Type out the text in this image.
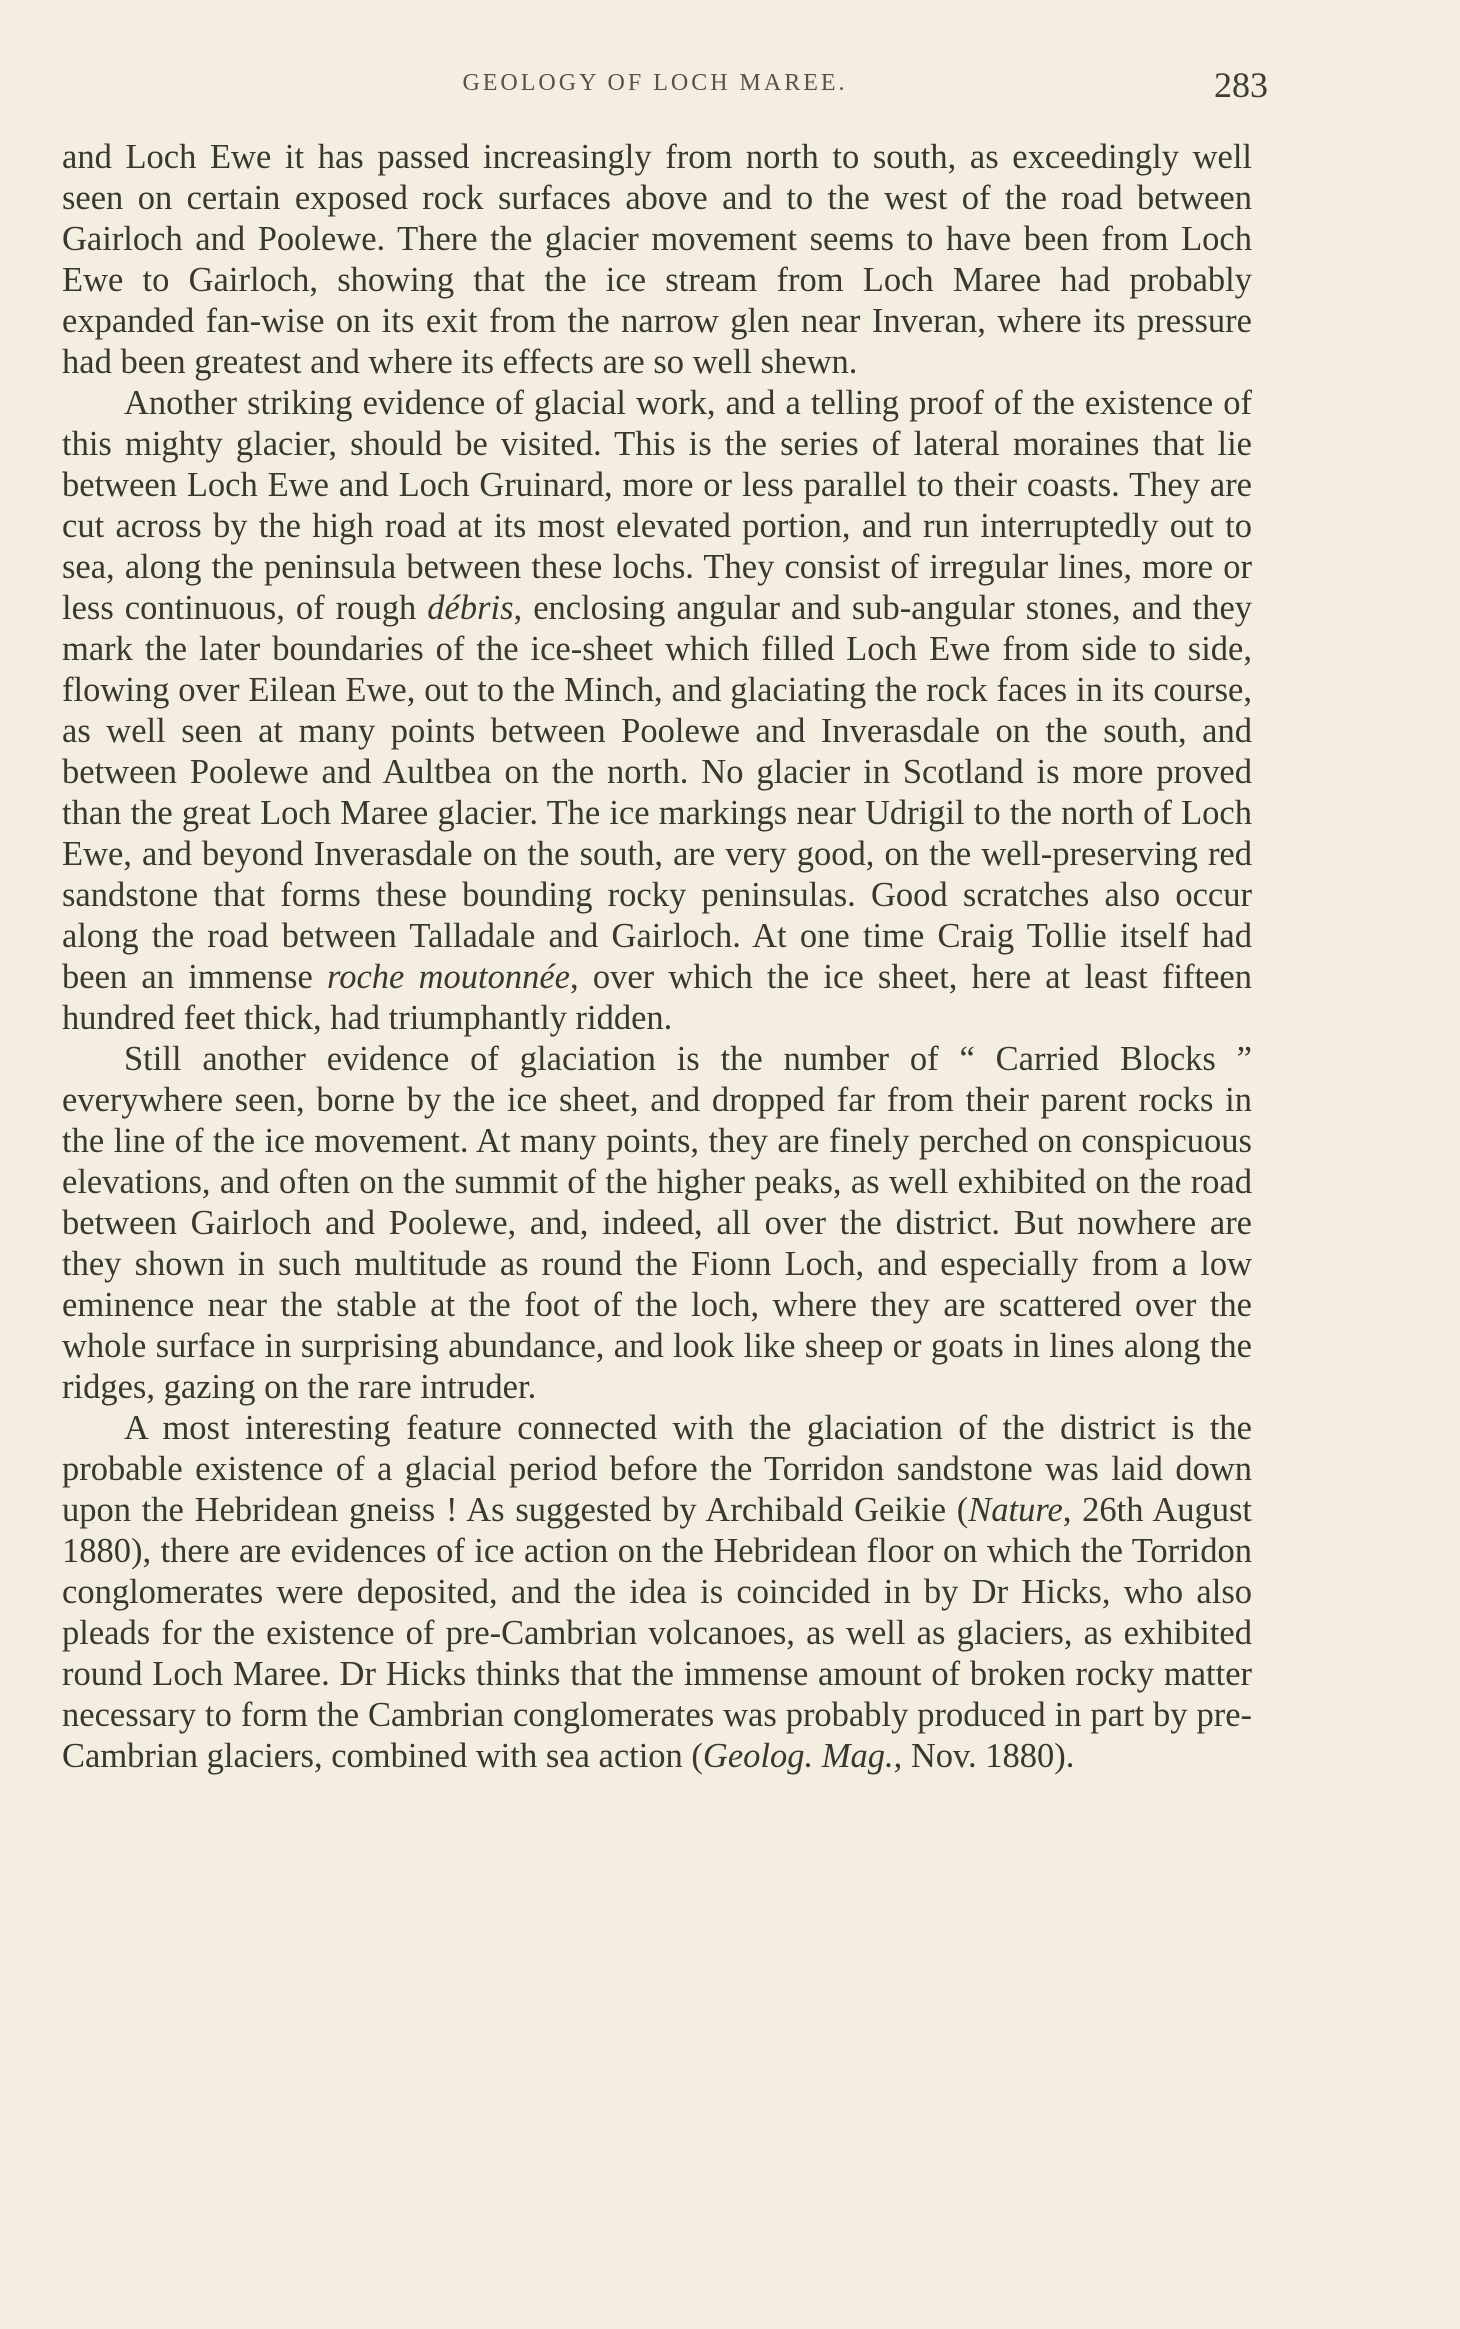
GEOLOGY OF LOCH MAREE.	283

and Loch Ewe it has passed increasingly from north to south, as exceedingly well seen on certain exposed rock surfaces above and to the west of the road between Gairloch and Poolewe. There the glacier movement seems to have been from Loch Ewe to Gairloch, showing that the ice stream from Loch Maree had probably expanded fan-wise on its exit from the narrow glen near Inveran, where its pressure had been greatest and where its effects are so well shewn.

Another striking evidence of glacial work, and a telling proof of the existence of this mighty glacier, should be visited. This is the series of lateral moraines that lie between Loch Ewe and Loch Gruinard, more or less parallel to their coasts. They are cut across by the high road at its most elevated portion, and run interruptedly out to sea, along the peninsula between these lochs. They consist of irregular lines, more or less continuous, of rough débris, enclosing angular and sub-angular stones, and they mark the later boundaries of the ice-sheet which filled Loch Ewe from side to side, flowing over Eilean Ewe, out to the Minch, and glaciating the rock faces in its course, as well seen at many points between Poolewe and Inverasdale on the south, and between Poolewe and Aultbea on the north. No glacier in Scotland is more proved than the great Loch Maree glacier. The ice markings near Udrigil to the north of Loch Ewe, and beyond Inverasdale on the south, are very good, on the well-preserving red sandstone that forms these bounding rocky peninsulas. Good scratches also occur along the road between Talladale and Gairloch. At one time Craig Tollie itself had been an immense roche moutonnée, over which the ice sheet, here at least fifteen hundred feet thick, had triumphantly ridden.

Still another evidence of glaciation is the number of “ Carried Blocks ” everywhere seen, borne by the ice sheet, and dropped far from their parent rocks in the line of the ice movement. At many points, they are finely perched on conspicuous elevations, and often on the summit of the higher peaks, as well exhibited on the road between Gairloch and Poolewe, and, indeed, all over the district. But nowhere are they shown in such multitude as round the Fionn Loch, and especially from a low eminence near the stable at the foot of the loch, where they are scattered over the whole surface in surprising abundance, and look like sheep or goats in lines along the ridges, gazing on the rare intruder.

A most interesting feature connected with the glaciation of the district is the probable existence of a glacial period before the Torridon sandstone was laid down upon the Hebridean gneiss ! As suggested by Archibald Geikie (Nature, 26th August 1880), there are evidences of ice action on the Hebridean floor on which the Torridon conglomerates were deposited, and the idea is coincided in by Dr Hicks, who also pleads for the existence of pre-Cambrian volcanoes, as well as glaciers, as exhibited round Loch Maree. Dr Hicks thinks that the immense amount of broken rocky matter necessary to form the Cambrian conglomerates was probably produced in part by pre-Cambrian glaciers, combined with sea action (Geolog. Mag., Nov. 1880).
